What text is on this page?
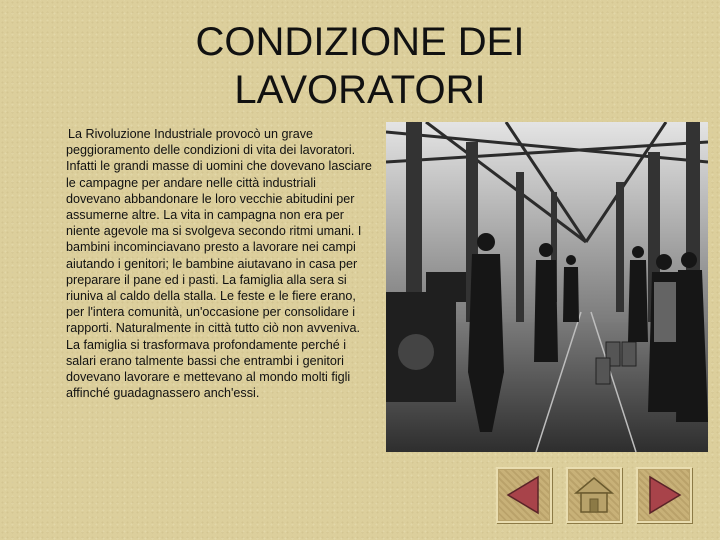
CONDIZIONE DEI
LAVORATORI

La Rivoluzione Industriale provocò un grave peggioramento delle condizioni di vita dei lavoratori. Infatti le grandi masse di uomini che dovevano lasciare le campagne per andare nelle città industriali dovevano abbandonare le loro vecchie abitudini per assumerne altre. La vita in campagna non era per niente agevole ma si svolgeva secondo ritmi umani. I bambini incominciavano presto a lavorare nei campi aiutando i genitori; le bambine aiutavano in casa per preparare il pane ed i pasti. La famiglia alla sera si riuniva al caldo della stalla. Le feste e le fiere erano, per l'intera comunità, un'occasione per consolidare i rapporti. Naturalmente in città tutto ciò non avveniva. La famiglia si trasformava profondamente perché i salari erano talmente bassi che entrambi i genitori dovevano lavorare e mettevano al mondo molti figli affinché guadagnassero anch'essi.
